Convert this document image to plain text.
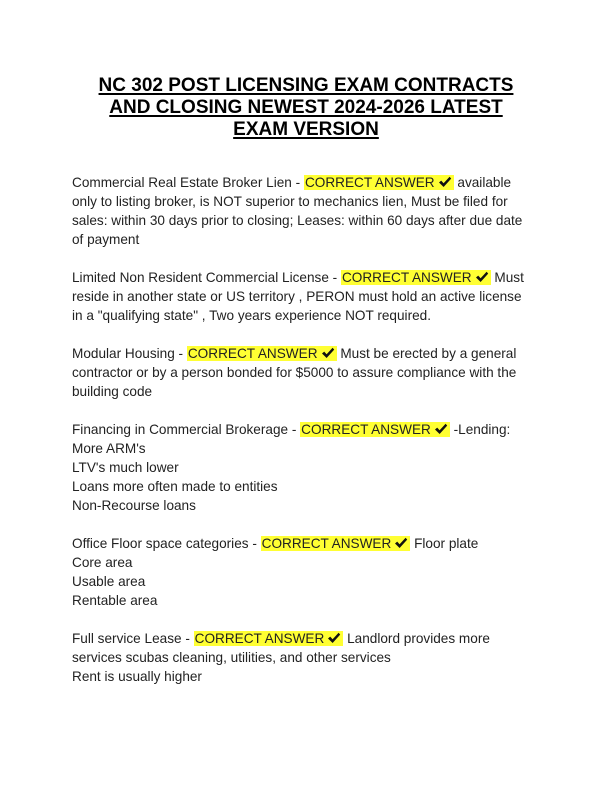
NC 302 POST LICENSING EXAM CONTRACTS
AND CLOSING NEWEST 2024-2026 LATEST
EXAM VERSION
Commercial Real Estate Broker Lien - CORRECT ANSWER available
only to listing broker, is NOT superior to mechanics lien, Must be filed for
sales: within 30 days prior to closing; Leases: within 60 days after due date
of payment
Limited Non Resident Commercial License - CORRECT ANSWER Must
reside in another state or US territory , PERON must hold an active license
in a "qualifying state" , Two years experience NOT required.
Modular Housing - CORRECT ANSWER Must be erected by a general
contractor or by a person bonded for $5000 to assure compliance with the
building code
Financing in Commercial Brokerage - CORRECT ANSWER -Lending:
More ARM's
LTV's much lower
Loans more often made to entities
Non-Recourse loans
Office Floor space categories - CORRECT ANSWER Floor plate
Core area
Usable area
Rentable area
Full service Lease - CORRECT ANSWER Landlord provides more
services scubas cleaning, utilities, and other services
Rent is usually higher
